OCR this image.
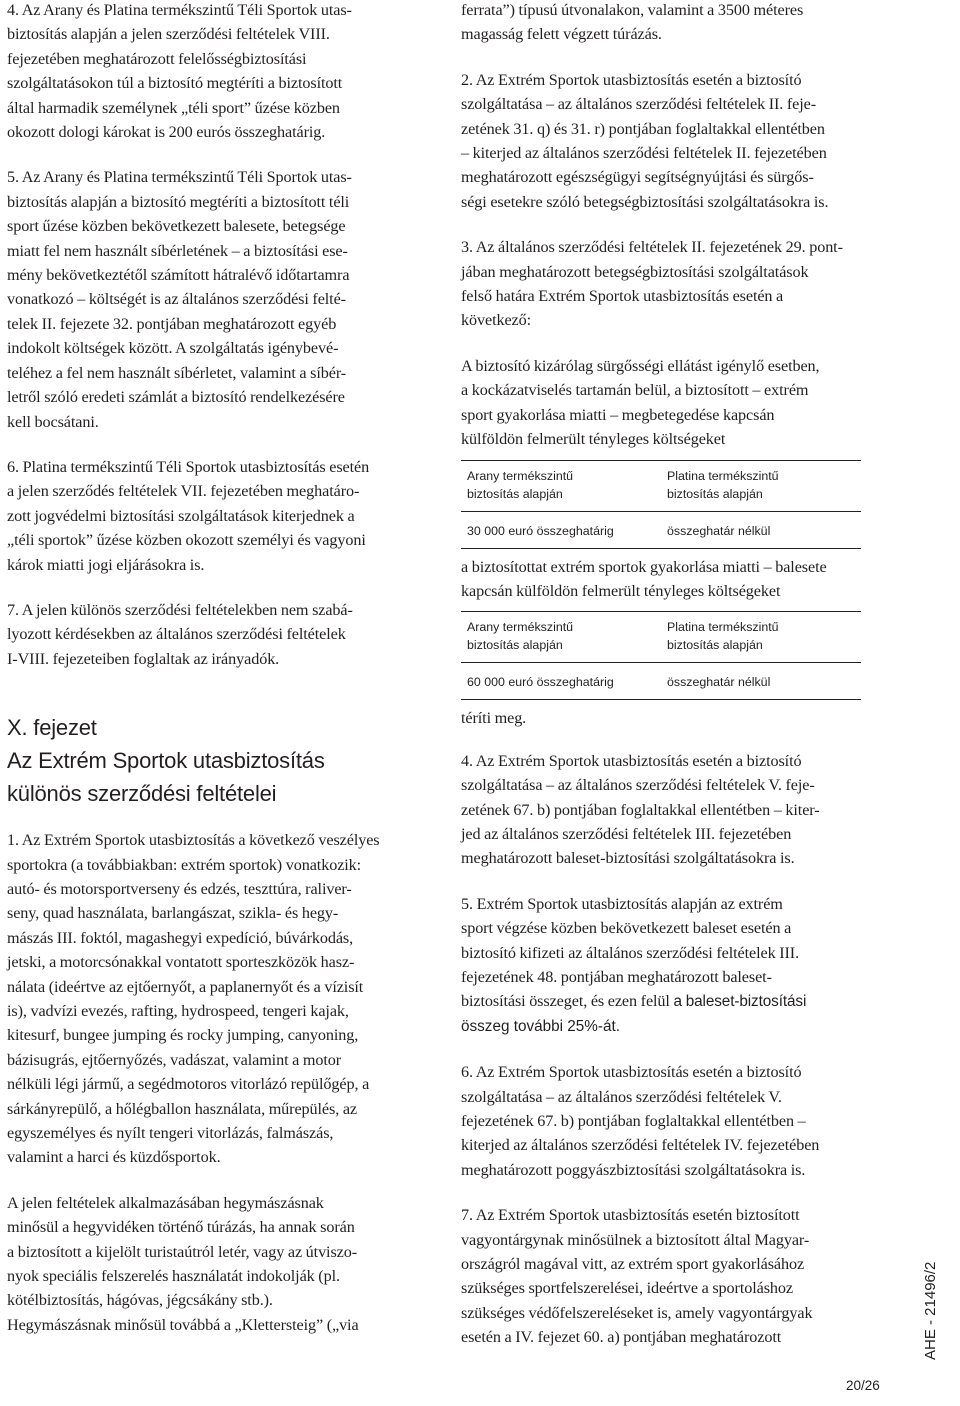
4. Az Arany és Platina termékszintű Téli Sportok utas-
biztosítás alapján a jelen szerződési feltételek VIII.
fejezetében meghatározott felelősségbiztosítási
szolgáltatásokon túl a biztosító megtéríti a biztosított
által harmadik személynek „téli sport” űzése közben
okozott dologi károkat is 200 eurós összeghatárig.
5. Az Arany és Platina termékszintű Téli Sportok utas-
biztosítás alapján a biztosító megtéríti a biztosított téli
sport űzése közben bekövetkezett balesete, betegsége
miatt fel nem használt síbérletének – a biztosítási ese-
mény bekövetkeztétől számított hátralévő időtartamra
vonatkozó – költségét is az általános szerződési felté-
telek II. fejezete 32. pontjában meghatározott egyéb
indokolt költségek között. A szolgáltatás igénybevé-
teléhez a fel nem használt síbérletet, valamint a síbér-
letről szóló eredeti számlát a biztosító rendelkezésére
kell bocsátani.
6. Platina termékszintű Téli Sportok utasbiztosítás esetén
a jelen szerződés feltételek VII. fejezetében meghatáro-
zott jogvédelmi biztosítási szolgáltatások kiterjednek a
„téli sportok” űzése közben okozott személyi és vagyoni
károk miatti jogi eljárásokra is.
7. A jelen különös szerződési feltételekben nem szabá-
lyozott kérdésekben az általános szerződési feltételek
I-VIII. fejezeteiben foglaltak az irányadók.
X. fejezet
Az Extrém Sportok utasbiztosítás
különös szerződési feltételei
1. Az Extrém Sportok utasbiztosítás a következő veszélyes
sportokra (a továbbiakban: extrém sportok) vonatkozik:
autó- és motorsportverseny és edzés, teszttúra, raliver-
seny, quad használata, barlangászat, szikla- és hegy-
mászás III. foktól, magashegyi expedíció, búvárkodás,
jetski, a motorcsónakkal vontatott sporteszközök hasz-
nálata (ideértve az ejtőernyőt, a paplanernyőt és a vízisít
is), vadvízi evezés, rafting, hydrospeed, tengeri kajak,
kitesurf, bungee jumping és rocky jumping, canyoning,
bázisugrás, ejtőernyőzés, vadászat, valamint a motor
nélküli légi jármű, a segédmotoros vitorlázó repülőgép, a
sárkányrepülő, a hőlégballon használata, műrepülés, az
egyszemélyes és nyílt tengeri vitorlázás, falmászás,
valamint a harci és küzdősportok.
A jelen feltételek alkalmazásában hegymászásnak
minősül a hegyvidéken történő túrázás, ha annak során
a biztosított a kijelölt turistaútról letér, vagy az útviszo-
nyok speciális felszerelés használatát indokolják (pl.
kötélbiztosítás, hágóvas, jégcsákány stb.).
Hegymászásnak minősül továbbá a „Klettersteig” („via
ferrata”) típusú útvonalakon, valamint a 3500 méteres
magasság felett végzett túrázás.
2. Az Extrém Sportok utasbiztosítás esetén a biztosító
szolgáltatása – az általános szerződési feltételek II. feje-
zetének 31. q) és 31. r) pontjában foglaltakkal ellentétben
– kiterjed az általános szerződési feltételek II. fejezetében
meghatározott egészségügyi segítségnyújtási és sürgős-
ségi esetekre szóló betegségbiztosítási szolgáltatásokra is.
3. Az általános szerződési feltételek II. fejezetének 29. pont-
jában meghatározott betegségbiztosítási szolgáltatások
felső határa Extrém Sportok utasbiztosítás esetén a
következő:
A biztosító kizárólag sürgősségi ellátást igénylő esetben,
a kockázatviselés tartamán belül, a biztosított – extrém
sport gyakorlása miatti – megbetegedése kapcsán
külföldön felmerült tényleges költségeket
Arany termékszintű
biztosítás alapján	Platina termékszintű
biztosítás alapján

30 000 euró összeghatárig	összeghatár nélkül
a biztosítottat extrém sportok gyakorlása miatti – balesete
kapcsán külföldön felmerült tényleges költségeket
Arany termékszintű
biztosítás alapján	Platina termékszintű
biztosítás alapján

60 000 euró összeghatárig	összeghatár nélkül
téríti meg.
4. Az Extrém Sportok utasbiztosítás esetén a biztosító
szolgáltatása – az általános szerződési feltételek V. feje-
zetének 67. b) pontjában foglaltakkal ellentétben – kiter-
jed az általános szerződési feltételek III. fejezetében
meghatározott baleset-biztosítási szolgáltatásokra is.
5. Extrém Sportok utasbiztosítás alapján az extrém
sport végzése közben bekövetkezett baleset esetén a
biztosító kifizeti az általános szerződési feltételek III.
fejezetének 48. pontjában meghatározott baleset-
biztosítási összeget, és ezen felül a baleset-biztosítási
összeg további 25%-át.
6. Az Extrém Sportok utasbiztosítás esetén a biztosító
szolgáltatása – az általános szerződési feltételek V.
fejezetének 67. b) pontjában foglaltakkal ellentétben –
kiterjed az általános szerződési feltételek IV. fejezetében
meghatározott poggyászbiztosítási szolgáltatásokra is.
7. Az Extrém Sportok utasbiztosítás esetén biztosított
vagyontárgynak minősülnek a biztosított által Magyar-
országról magával vitt, az extrém sport gyakorlásához
szükséges sportfelszerelései, ideértve a sportoláshoz
szükséges védőfelszereléseket is, amely vagyontárgyak
esetén a IV. fejezet 60. a) pontjában meghatározott	AHE - 21496/2
20/26
